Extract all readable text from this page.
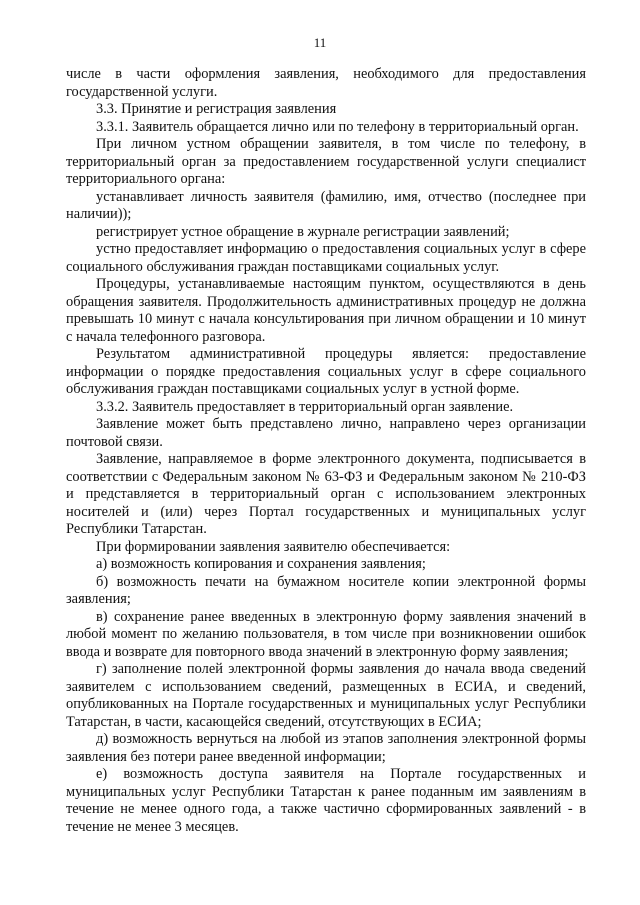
11

числе в части оформления заявления, необходимого для предоставления государственной услуги.

3.3. Принятие и регистрация заявления

3.3.1. Заявитель обращается лично или по телефону в территориальный орган.

При личном устном обращении заявителя, в том числе по телефону, в территориальный орган за предоставлением государственной услуги специалист территориального органа:

устанавливает личность заявителя (фамилию, имя, отчество (последнее при наличии));

регистрирует устное обращение в журнале регистрации заявлений;

устно предоставляет информацию о предоставления социальных услуг в сфере социального обслуживания граждан поставщиками социальных услуг.

Процедуры, устанавливаемые настоящим пунктом, осуществляются в день обращения заявителя. Продолжительность административных процедур не должна превышать 10 минут с начала консультирования при личном обращении и 10 минут с начала телефонного разговора.

Результатом административной процедуры является: предоставление информации о порядке предоставления социальных услуг в сфере социального обслуживания граждан поставщиками социальных услуг в устной форме.

3.3.2. Заявитель предоставляет в территориальный орган заявление.

Заявление может быть представлено лично, направлено через организации почтовой связи.

Заявление, направляемое в форме электронного документа, подписывается в соответствии с Федеральным законом № 63-ФЗ и Федеральным законом № 210-ФЗ и представляется в территориальный орган с использованием электронных носителей и (или) через Портал государственных и муниципальных услуг Республики Татарстан.

При формировании заявления заявителю обеспечивается:

а) возможность копирования и сохранения заявления;

б) возможность печати на бумажном носителе копии электронной формы заявления;

в) сохранение ранее введенных в электронную форму заявления значений в любой момент по желанию пользователя, в том числе при возникновении ошибок ввода и возврате для повторного ввода значений в электронную форму заявления;

г) заполнение полей электронной формы заявления до начала ввода сведений заявителем с использованием сведений, размещенных в ЕСИА, и сведений, опубликованных на Портале государственных и муниципальных услуг Республики Татарстан, в части, касающейся сведений, отсутствующих в ЕСИА;

д) возможность вернуться на любой из этапов заполнения электронной формы заявления без потери ранее введенной информации;

е) возможность доступа заявителя на Портале государственных и муниципальных услуг Республики Татарстан к ранее поданным им заявлениям в течение не менее одного года, а также частично сформированных заявлений - в течение не менее 3 месяцев.
